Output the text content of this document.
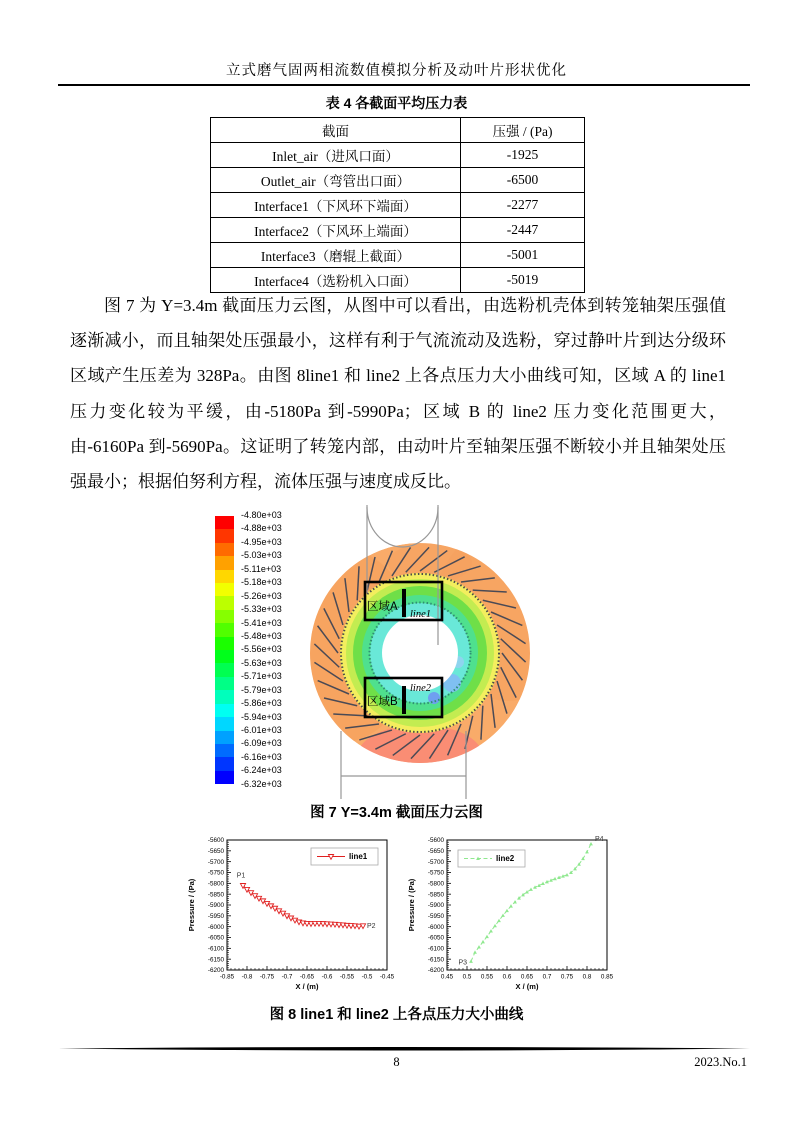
立式磨气固两相流数值模拟分析及动叶片形状优化
表 4 各截面平均压力表
截面	压强 / (Pa)
Inlet_air（进风口面）	-1925
Outlet_air（弯管出口面）	-6500
Interface1（下风环下端面）	-2277
Interface2（下风环上端面）	-2447
Interface3（磨辊上截面）	-5001
Interface4（选粉机入口面）	-5019

图 7 为 Y=3.4m 截面压力云图，从图中可以看出，由选粉机壳体到转笼轴架压强值逐渐减小，而且轴架处压强最小，这样有利于气流流动及选粉，穿过静叶片到达分级环区域产生压差为 328Pa。由图 8line1 和 line2 上各点压力大小曲线可知，区域 A 的 line1 压力变化较为平缓，由-5180Pa 到-5990Pa；区域 B 的 line2 压力变化范围更大，由-6160Pa 到-5690Pa。这证明了转笼内部，由动叶片至轴架压强不断较小并且轴架处压强最小；根据伯努利方程，流体压强与速度成反比。

-4.80e+03
-4.88e+03
-4.95e+03
-5.03e+03
-5.11e+03
-5.18e+03
-5.26e+03
-5.33e+03
-5.41e+03
-5.48e+03
-5.56e+03
-5.63e+03
-5.71e+03
-5.79e+03
-5.86e+03
-5.94e+03
-6.01e+03
-6.09e+03
-6.16e+03
-6.24e+03
-6.32e+03
区域A
line1
区域B
line2
图 7 Y=3.4m 截面压力云图
-5600
-5650
-5700
-5750
-5800
-5850
-5900
-5950
-6000
-6050
-6100
-6150
-6200
-0.85 -0.8 -0.75 -0.7 -0.65 -0.6 -0.55 -0.5 -0.45
X / (m)
Pressure / (Pa)
line1
P1
P2
-5600
-5650
-5700
-5750
-5800
-5850
-5900
-5950
-6000
-6050
-6100
-6150
-6200
0.45 0.5 0.55 0.6 0.65 0.7 0.75 0.8 0.85
X / (m)
Pressure / (Pa)
line2
P3
P4
图 8 line1 和 line2 上各点压力大小曲线
8	2023.No.1
